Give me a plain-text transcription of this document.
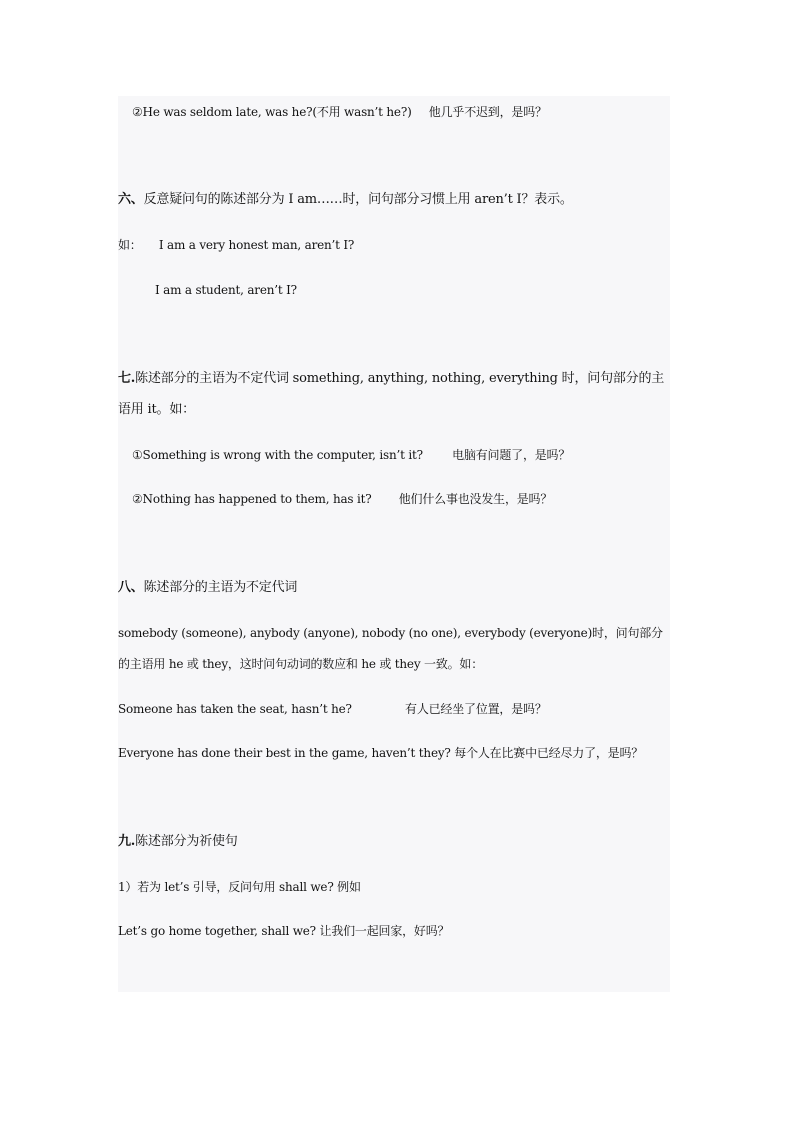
②He was seldom late, was he?(不用 wasn’t he?) 他几乎不迟到，是吗？
六、反意疑问句的陈述部分为 I am……时，问句部分习惯上用 aren’t I？表示。
如： I am a very honest man, aren’t I?
I am a student, aren’t I?
七.陈述部分的主语为不定代词 something, anything, nothing, everything 时，问句部分的主
语用 it。如：
①Something is wrong with the computer, isn’t it? 电脑有问题了，是吗？
②Nothing has happened to them, has it? 他们什么事也没发生，是吗？
八、陈述部分的主语为不定代词
somebody (someone), anybody (anyone), nobody (no one), everybody (everyone)时，问句部分
的主语用 he 或 they，这时问句动词的数应和 he 或 they 一致。如：
Someone has taken the seat, hasn’t he?	有人已经坐了位置，是吗？
Everyone has done their best in the game, haven’t they? 每个人在比赛中已经尽力了，是吗？
九.陈述部分为祈使句
1）若为 let’s 引导，反问句用 shall we? 例如
Let’s go home together, shall we? 让我们一起回家，好吗？
